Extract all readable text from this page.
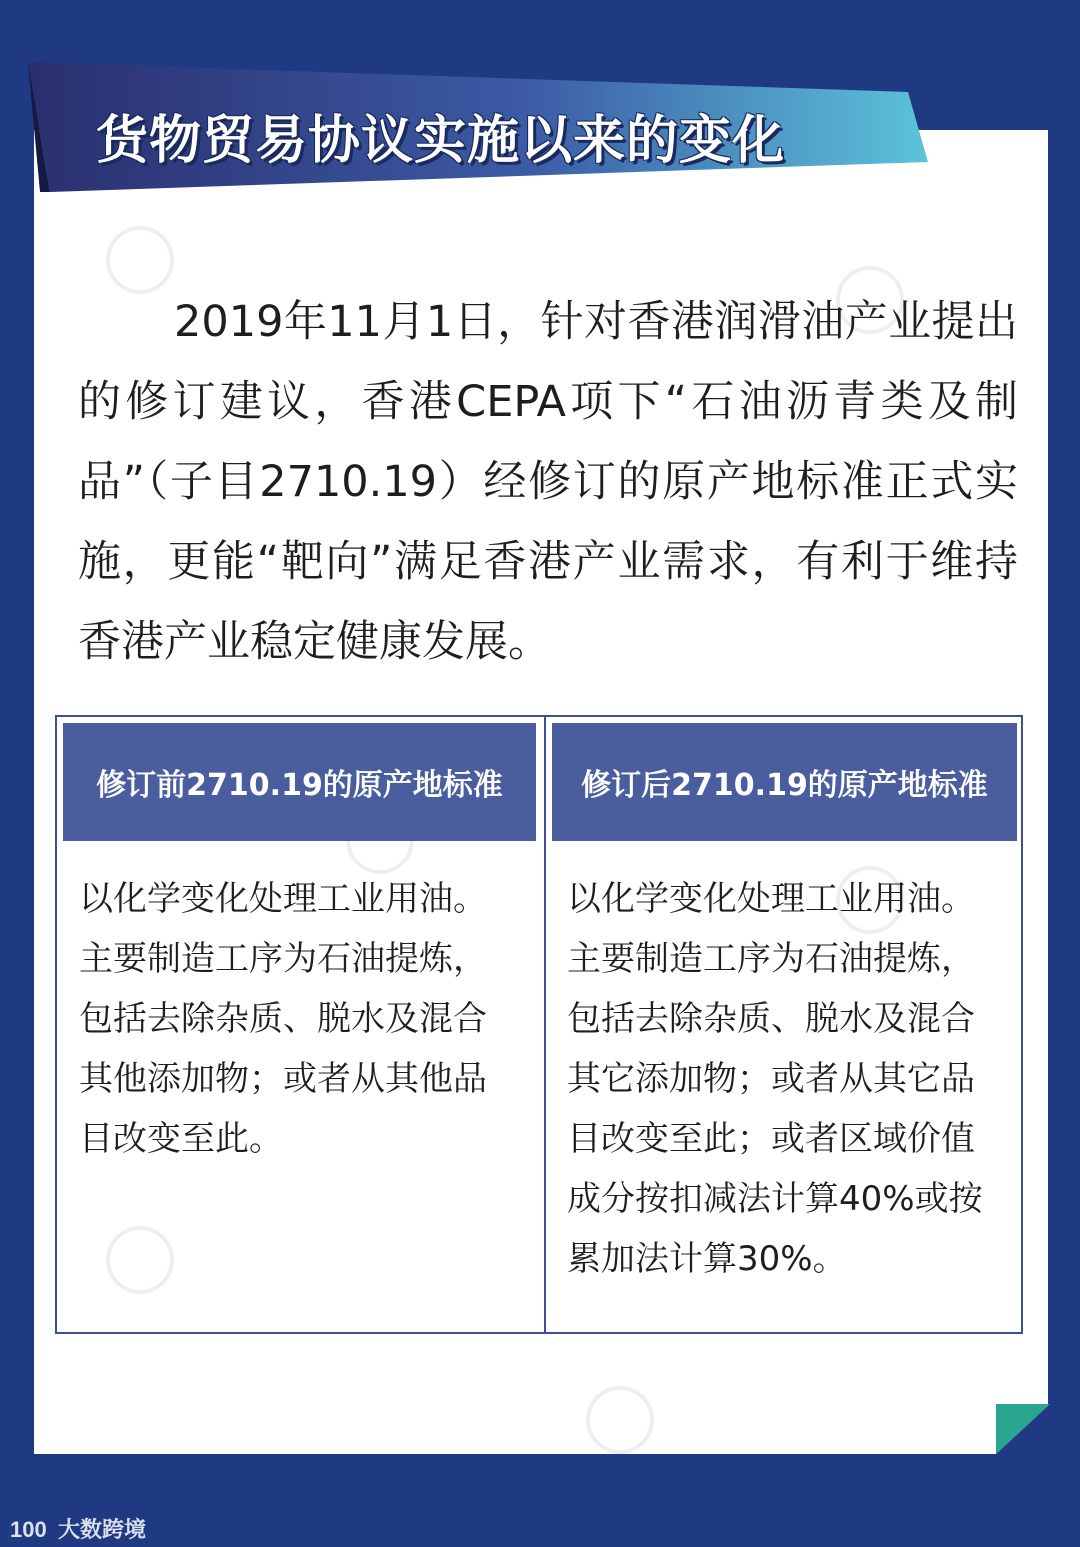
货物贸易协议实施以来的变化
2019年11月1日，针对香港润滑油产业提出的修订建议，香港CEPA项下“石油沥青类及制品”（子目2710.19）经修订的原产地标准正式实施，更能“靶向”满足香港产业需求，有利于维持香港产业稳定健康发展。
修订前2710.19的原产地标准	修订后2710.19的原产地标准
以化学变化处理工业用油。
主要制造工序为石油提炼，
包括去除杂质、脱水及混合
其他添加物；或者从其他品
目改变至此。
以化学变化处理工业用油。
主要制造工序为石油提炼，
包括去除杂质、脱水及混合
其它添加物；或者从其它品
目改变至此；或者区域价值
成分按扣减法计算40%或按
累加法计算30%。
100 大数跨境
